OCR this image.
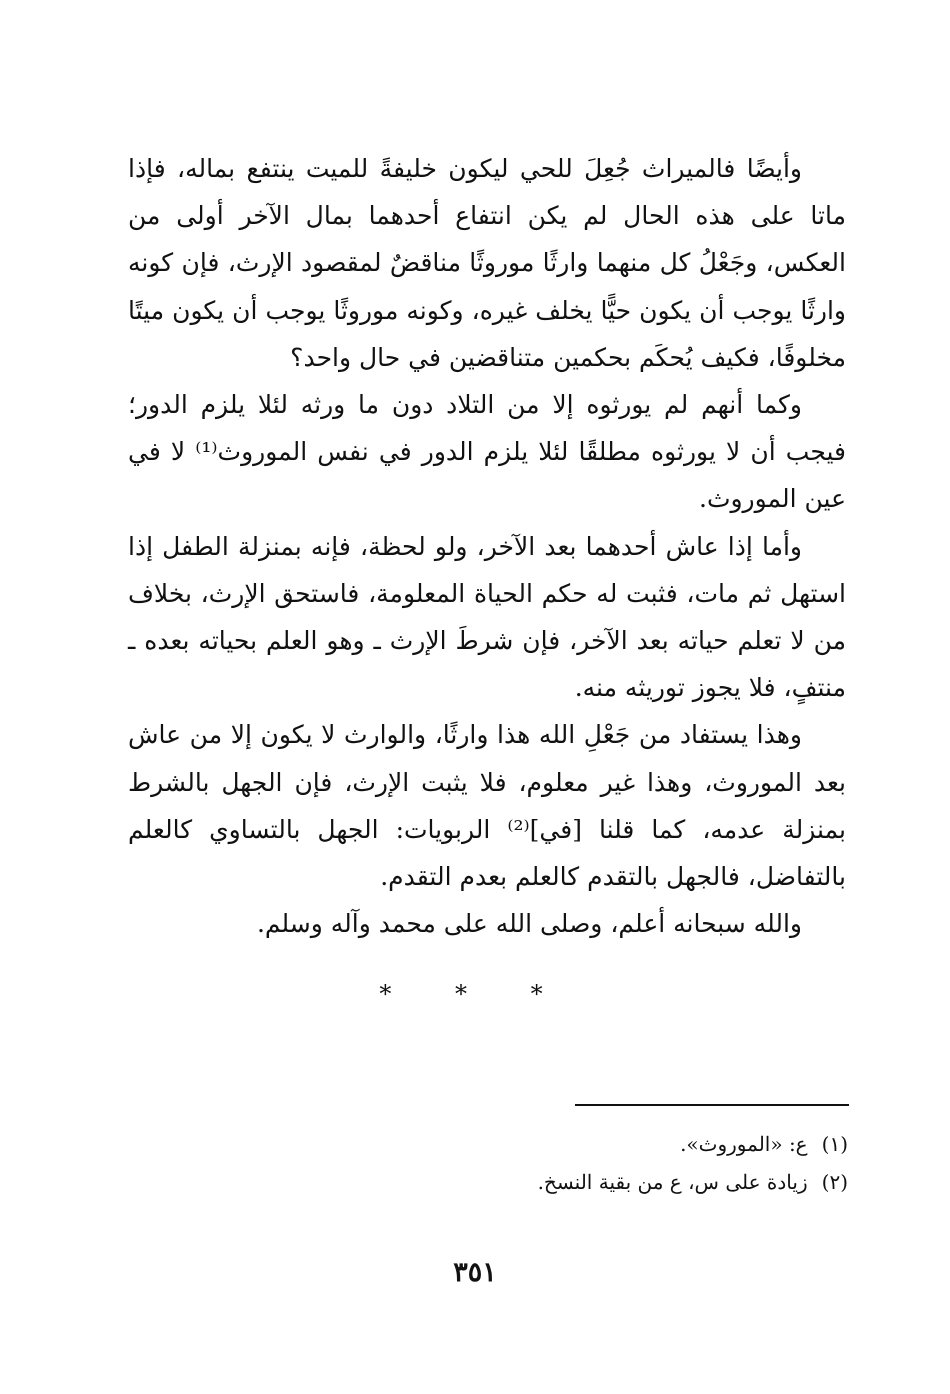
وأيضًا فالميراث جُعِلَ للحي ليكون خليفةً للميت ينتفع بماله، فإذا ماتا على هذه الحال لم يكن انتفاع أحدهما بمال الآخر أولى من العكس، وجَعْلُ كل منهما وارثًا موروثًا مناقضٌ لمقصود الإرث، فإن كونه وارثًا يوجب أن يكون حيًّا يخلف غيره، وكونه موروثًا يوجب أن يكون ميتًا مخلوفًا، فكيف يُحكَم بحكمين متناقضين في حال واحد؟

وكما أنهم لم يورثوه إلا من التلاد دون ما ورثه لئلا يلزم الدور؛ فيجب أن لا يورثوه مطلقًا لئلا يلزم الدور في نفس الموروث⁽¹⁾ لا في عين الموروث.

وأما إذا عاش أحدهما بعد الآخر، ولو لحظة، فإنه بمنزلة الطفل إذا استهل ثم مات، فثبت له حكم الحياة المعلومة، فاستحق الإرث، بخلاف من لا تعلم حياته بعد الآخر، فإن شرطَ الإرث ـ وهو العلم بحياته بعده ـ منتفٍ، فلا يجوز توريثه منه.

وهذا يستفاد من جَعْلِ الله هذا وارثًا، والوارث لا يكون إلا من عاش بعد الموروث، وهذا غير معلوم، فلا يثبت الإرث، فإن الجهل بالشرط بمنزلة عدمه، كما قلنا [في]⁽²⁾ الربويات: الجهل بالتساوي كالعلم بالتفاضل، فالجهل بالتقدم كالعلم بعدم التقدم.

والله سبحانه أعلم، وصلى الله على محمد وآله وسلم.

* * *

(١)ع: «الموروث».

(٢)زيادة على س، ع من بقية النسخ.

٣٥١
